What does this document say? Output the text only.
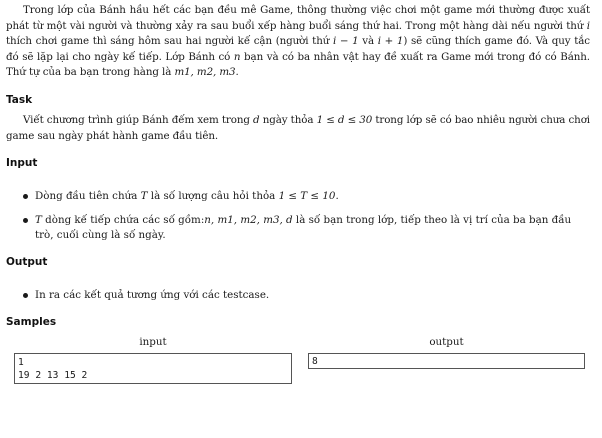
Trong lớp của Bánh hầu hết các bạn đều mê Game, thông thường việc chơi một game mới thường được xuất phát từ một vài người và thường xảy ra sau buổi xếp hàng buổi sáng thứ hai. Trong một hàng dài nếu người thứ i thích chơi game thì sáng hôm sau hai người kế cận (người thứ i − 1 và i + 1) sẽ cũng thích game đó. Và quy tắc đó sẽ lặp lại cho ngày kế tiếp. Lớp Bánh có n bạn và có ba nhân vật hay đề xuất ra Game mới trong đó có Bánh. Thứ tự của ba bạn trong hàng là m1, m2, m3.

Task

Viết chương trình giúp Bánh đếm xem trong d ngày thỏa 1 ≤ d ≤ 30 trong lớp sẽ có bao nhiêu người chưa chơi game sau ngày phát hành game đầu tiên.

Input
Dòng đầu tiên chứa T là số lượng câu hỏi thỏa 1 ≤ T ≤ 10.
T dòng kế tiếp chứa các số gồm:n, m1, m2, m3, d là số bạn trong lớp, tiếp theo là vị trí của ba bạn đầu trò, cuối cùng là số ngày.
Output
In ra các kết quả tương ứng với các testcase.
Samples
input	output
1
19 2 13 15 2
8
